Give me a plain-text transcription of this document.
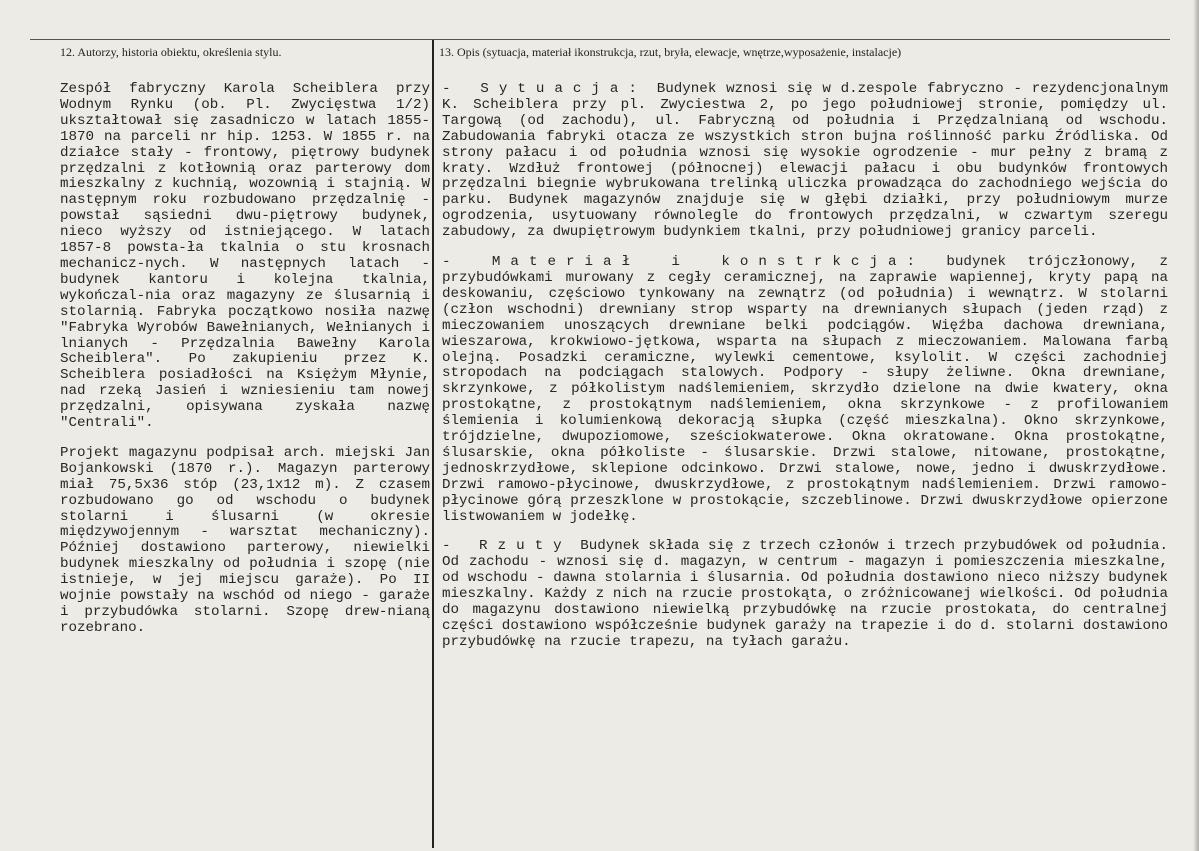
12. Autorzy, historia obiektu, określenia stylu.	13. Opis (sytuacja, materiał ikonstrukcja, rzut, bryła, elewacje, wnętrze,wyposażenie, instalacje)

Zespół fabryczny Karola Scheiblera przy Wodnym Rynku (ob. Pl. Zwycięstwa 1/2) ukształtował się zasadniczo w latach 1855-1870 na parceli nr hip. 1253. W 1855 r. na działce stały - frontowy, piętrowy budynek przędzalni z kotłownią oraz parterowy dom mieszkalny z kuchnią, wozownią i stajnią. W następnym roku rozbudowano przędzalnię - powstał sąsiedni dwu-piętrowy budynek, nieco wyższy od istniejącego. W latach 1857-8 powsta-ła tkalnia o stu krosnach mechanicz-nych. W następnych latach - budynek kantoru i kolejna tkalnia, wykończal-nia oraz magazyny ze ślusarnią i stolarnią. Fabryka początkowo nosiła nazwę "Fabryka Wyrobów Bawełnianych, Wełnianych i lnianych - Przędzalnia Bawełny Karola Scheiblera". Po zakupieniu przez K. Scheiblera posiadłości na Księżym Młynie, nad rzeką Jasień i wzniesieniu tam nowej przędzalni, opisywana zyskała nazwę "Centrali".

Projekt magazynu podpisał arch. miejski Jan Bojankowski (1870 r.). Magazyn parterowy miał 75,5x36 stóp (23,1x12 m). Z czasem rozbudowano go od wschodu o budynek stolarni i ślusarni (w okresie międzywojennym - warsztat mechaniczny). Później dostawiono parterowy, niewielki budynek mieszkalny od południa i szopę (nie istnieje, w jej miejscu garaże). Po II wojnie powstały na wschód od niego - garaże i przybudówka stolarni. Szopę drew-nianą rozebrano.

- Sytuacja: Budynek wznosi się w d.zespole fabryczno - rezydencjonalnym K. Scheiblera przy pl. Zwyciestwa 2, po jego południowej stronie, pomiędzy ul. Targową (od zachodu), ul. Fabryczną od południa i Przędzalnianą od wschodu. Zabudowania fabryki otacza ze wszystkich stron bujna roślinność parku Źródliska. Od strony pałacu i od południa wznosi się wysokie ogrodzenie - mur pełny z bramą z kraty. Wzdłuż frontowej (północnej) elewacji pałacu i obu budynków frontowych przędzalni biegnie wybrukowana trelinką uliczka prowadząca do zachodniego wejścia do parku. Budynek magazynów znajduje się w głębi działki, przy południowym murze ogrodzenia, usytuowany równolegle do frontowych przędzalni, w czwartym szeregu zabudowy, za dwupiętrowym budynkiem tkalni, przy południowej granicy parceli.

- Materiał i konstrkcja: budynek trójczłonowy, z przybudówkami murowany z cegły ceramicznej, na zaprawie wapiennej, kryty papą na deskowaniu, częściowo tynkowany na zewnątrz (od południa) i wewnątrz. W stolarni (człon wschodni) drewniany strop wsparty na drewnianych słupach (jeden rząd) z mieczowaniem unoszących drewniane belki podciągów. Więźba dachowa drewniana, wieszarowa, krokwiowo-jętkowa, wsparta na słupach z mieczowaniem. Malowana farbą olejną. Posadzki ceramiczne, wylewki cementowe, ksylolit. W części zachodniej stropodach na podciągach stalowych. Podpory - słupy żeliwne. Okna drewniane, skrzynkowe, z półkolistym nadślemieniem, skrzydło dzielone na dwie kwatery, okna prostokątne, z prostokątnym nadślemieniem, okna skrzynkowe - z profilowaniem ślemienia i kolumienkową dekoracją słupka (część mieszkalna). Okno skrzynkowe, trójdzielne, dwupoziomowe, sześciokwaterowe. Okna okratowane. Okna prostokątne, ślusarskie, okna półkoliste - ślusarskie. Drzwi stalowe, nitowane, prostokątne, jednoskrzydłowe, sklepione odcinkowo. Drzwi stalowe, nowe, jedno i dwuskrzydłowe. Drzwi ramowo-płycinowe, dwuskrzydłowe, z prostokątnym nadślemieniem. Drzwi ramowo-płycinowe górą przeszklone w prostokącie, szczeblinowe. Drzwi dwuskrzydłowe opierzone listwowaniem w jodełkę.

- Rzuty Budynek składa się z trzech członów i trzech przybudówek od południa. Od zachodu - wznosi się d. magazyn, w centrum - magazyn i pomieszczenia mieszkalne, od wschodu - dawna stolarnia i ślusarnia. Od południa dostawiono nieco niższy budynek mieszkalny. Każdy z nich na rzucie prostokąta, o zróżnicowanej wielkości. Od południa do magazynu dostawiono niewielką przybudówkę na rzucie prostokata, do centralnej części dostawiono współcześnie budynek garaży na trapezie i do d. stolarni dostawiono przybudówkę na rzucie trapezu, na tyłach garażu.
